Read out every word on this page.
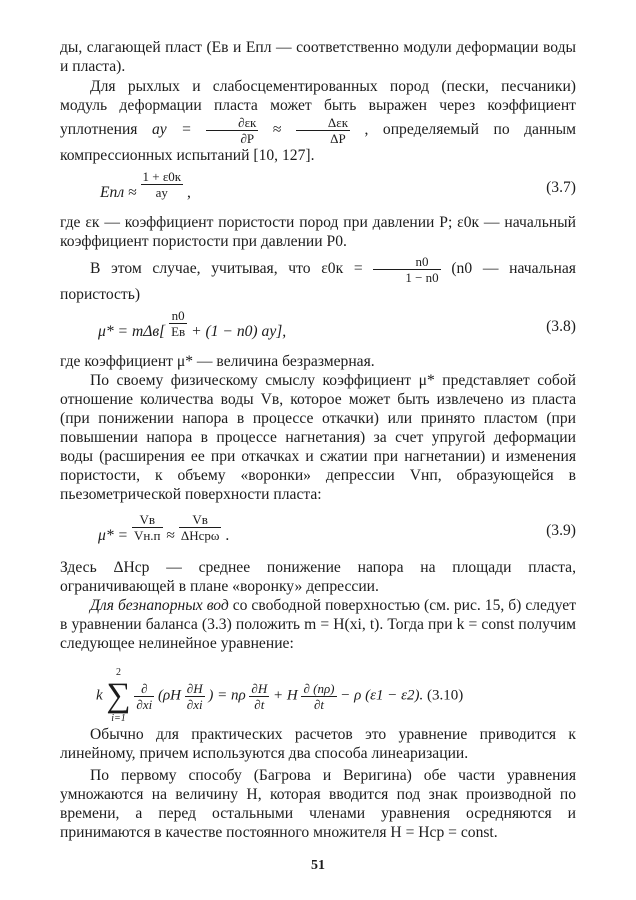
ды, слагающей пласт (Eв и Eпл — соответственно модули деформации воды и пласта).

Для рыхлых и слабосцементированных пород (пески, песчаники) модуль деформации пласта может быть выражен через коэффициент уплотнения aу = $\frac{\partial\varepsilon к}{\partial P} \approx \frac{\text{Δεк}}{\Delta P}$ , определяемый по данным компрессионных испытаний [10, 127].

Eпл ≈ $\frac{1 + \varepsilon 0к}{aу}$ ,	(3.7)

где εк — коэффициент пористости пород при давлении P; ε0к — начальный коэффициент пористости при давлении P0.

В этом случае, учитывая, что $\varepsilon 0к = \frac{n0}{1 - n0} (n0$ — начальная пористость)

$\mu* = m\Delta в[ \frac{n0}{Eв} + (1 - n0)$ aу],	(3.8)

где коэффициент μ* — величина безразмерная.

По своему физическому смыслу коэффициент μ* представляет собой отношение количества воды Vв, которое может быть извлечено из пласта (при понижении напора в процессе откачки) или принято пластом (при повышении напора в процессе нагнетания) за счет упругой деформации воды (расширения ее при откачках и сжатии при нагнетании) и изменения пористости, к объему «воронки» депрессии Vнп, образующейся в пьезометрической поверхности пласта:

$\mu* = \frac{Vв}{Vн.п} \approx \frac{Vв}{\text{ΔHсрω}}$ .	(3.9)

Здесь ΔHср — среднее понижение напора на площади пласта, ограничивающей в плане «воронку» депрессии.

Для безнапорных вод со свободной поверхностью (см. рис. 15, б) следует в уравнении баланса (3.3) положить m = H(xi, t). Тогда при k = const получим следующее нелинейное уравнение:

k
2
∑
i=1

$\frac{\partial}{\partial xi} (\rho H \frac{\partial H}{\partial xi}$ ) = nρ $\frac{\partial H}{\partial t} + H \frac{\partial (n\rho)}{\partial t} - \rho$ (ε1 − ε2). (3.10)

Обычно для практических расчетов это уравнение приводится к линейному, причем используются два способа линеаризации.

По первому способу (Багрова и Веригина) обе части уравнения умножаются на величину H, которая вводится под знак производной по времени, а перед остальными членами уравнения осредняются и принимаются в качестве постоянного множителя H = Hср = const.

51
